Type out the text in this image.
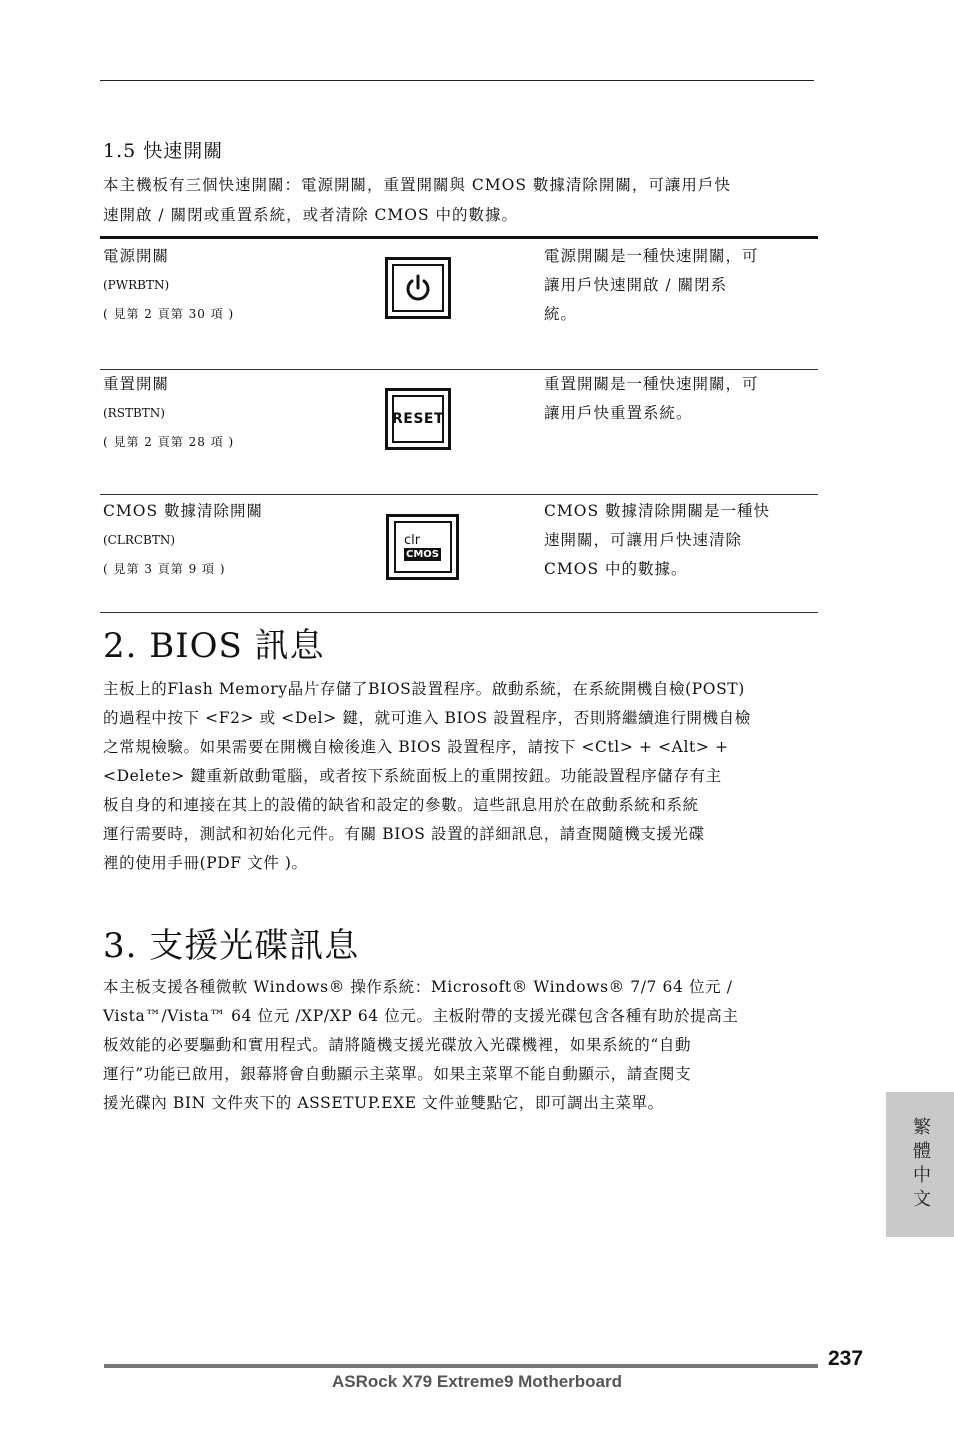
1.5 快速開關

本主機板有三個快速開關：電源開關，重置開關與 CMOS 數據清除開關，可讓用戶快

速開啟 / 關閉或重置系統，或者清除 CMOS 中的數據。

電源開關
(PWRBTN)
( 見第 2 頁第 30 項 )
電源開關是一種快速開關，可
讓用戶快速開啟 / 關閉系
統。
重置開關
(RSTBTN)
( 見第 2 頁第 28 項 )
RESET
重置開關是一種快速開關，可
讓用戶快重置系統。
CMOS 數據清除開關
(CLRCBTN)
( 見第 3 頁第 9 項 )
clr
CMOS
CMOS 數據清除開關是一種快
速開關，可讓用戶快速清除
CMOS 中的數據。
2. BIOS 訊息

主板上的Flash Memory晶片存儲了BIOS設置程序。啟動系統，在系統開機自檢(POST)

的過程中按下 <F2> 或 <Del> 鍵，就可進入 BIOS 設置程序，否則將繼續進行開機自檢

之常規檢驗。如果需要在開機自檢後進入 BIOS 設置程序，請按下 <Ctl> + <Alt> +

<Delete> 鍵重新啟動電腦，或者按下系統面板上的重開按鈕。功能設置程序儲存有主

板自身的和連接在其上的設備的缺省和設定的參數。這些訊息用於在啟動系統和系統

運行需要時，測試和初始化元件。有關 BIOS 設置的詳細訊息，請查閱隨機支援光碟

裡的使用手冊(PDF 文件 )。

3. 支援光碟訊息

本主板支援各種微軟 Windows® 操作系統：Microsoft® Windows® 7/7 64 位元 /

Vista™/Vista™ 64 位元 /XP/XP 64 位元。主板附帶的支援光碟包含各種有助於提高主

板效能的必要驅動和實用程式。請將隨機支援光碟放入光碟機裡，如果系統的“自動

運行”功能已啟用，銀幕將會自動顯示主菜單。如果主菜單不能自動顯示，請查閱支

援光碟內 BIN 文件夾下的 ASSETUP.EXE 文件並雙點它，即可調出主菜單。

繁體中文
237
ASRock X79 Extreme9 Motherboard
